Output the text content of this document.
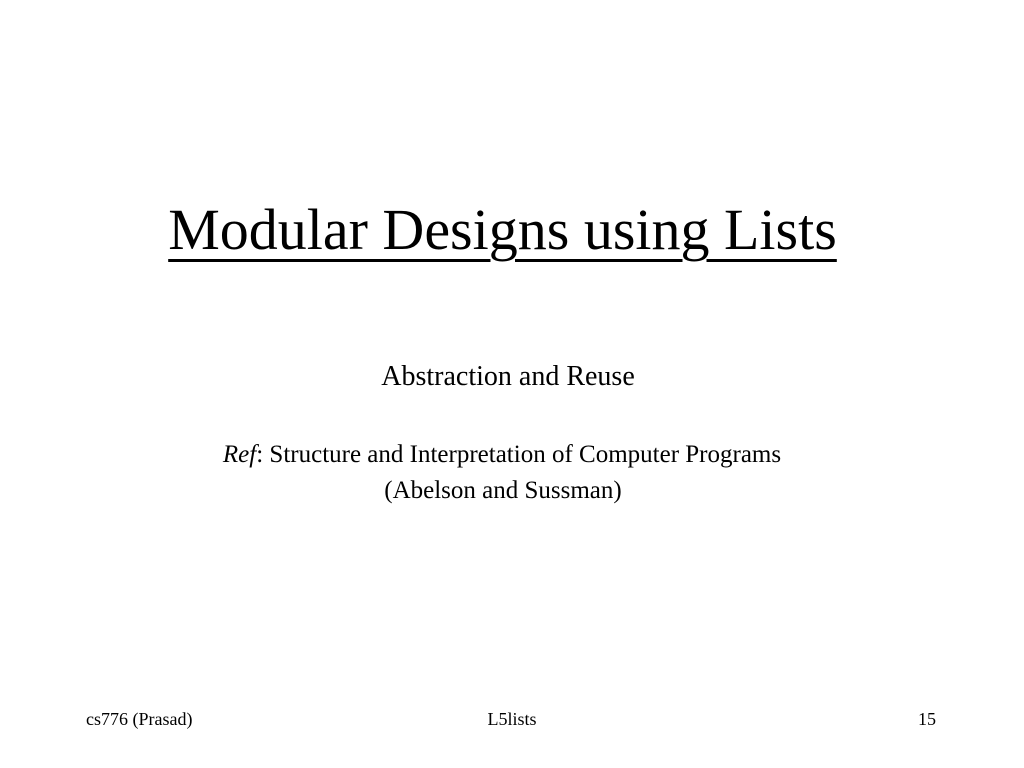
Modular Designs using Lists
Abstraction and Reuse
Ref: Structure and Interpretation of Computer Programs
(Abelson and Sussman)
cs776 (Prasad)	L5lists	15
